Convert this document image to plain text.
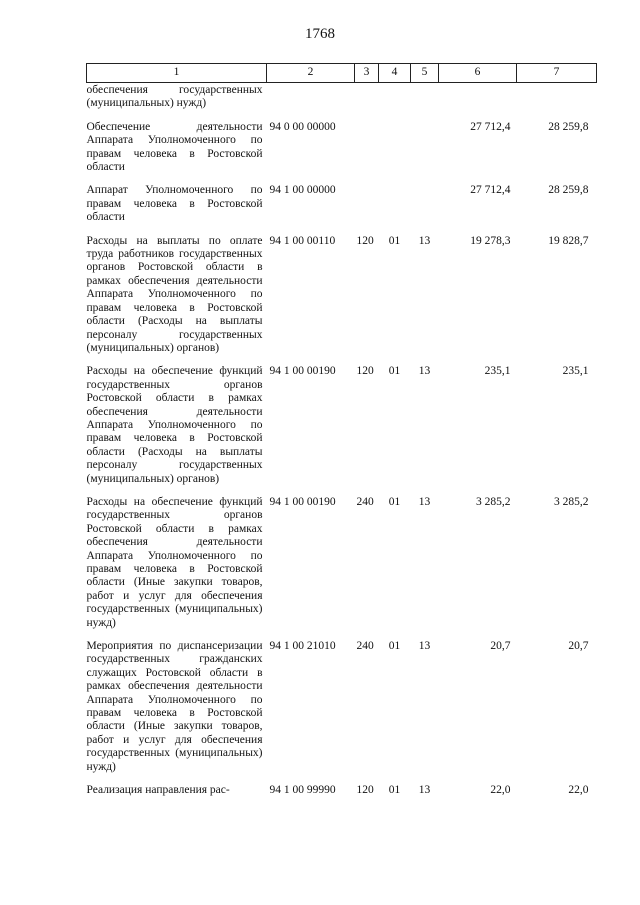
1768
1	2	3	4	5	6	7
обеспечения государственных (муниципальных) нужд)						
Обеспечение деятельности Аппарата Уполномоченного по правам человека в Ростовской области	94 0 00 00000				27 712,4	28 259,8
Аппарат Уполномоченного по правам человека в Ростовской области	94 1 00 00000				27 712,4	28 259,8
Расходы на выплаты по оплате труда работников государственных органов Ростовской области в рамках обеспечения деятельности Аппарата Уполномоченного по правам человека в Ростовской области (Расходы на выплаты персоналу государственных (муниципальных) органов)	94 1 00 00110	120	01	13	19 278,3	19 828,7
Расходы на обеспечение функций государственных органов Ростовской области в рамках обеспечения деятельности Аппарата Уполномоченного по правам человека в Ростовской области (Расходы на выплаты персоналу государственных (муниципальных) органов)	94 1 00 00190	120	01	13	235,1	235,1
Расходы на обеспечение функций государственных органов Ростовской области в рамках обеспечения деятельности Аппарата Уполномоченного по правам человека в Ростовской области (Иные закупки товаров, работ и услуг для обеспечения государственных (муниципальных) нужд)	94 1 00 00190	240	01	13	3 285,2	3 285,2
Мероприятия по диспансеризации государственных гражданских служащих Ростовской области в рамках обеспечения деятельности Аппарата Уполномоченного по правам человека в Ростовской области (Иные закупки товаров, работ и услуг для обеспечения государственных (муниципальных) нужд)	94 1 00 21010	240	01	13	20,7	20,7
Реализация направления рас-	94 1 00 99990	120	01	13	22,0	22,0
